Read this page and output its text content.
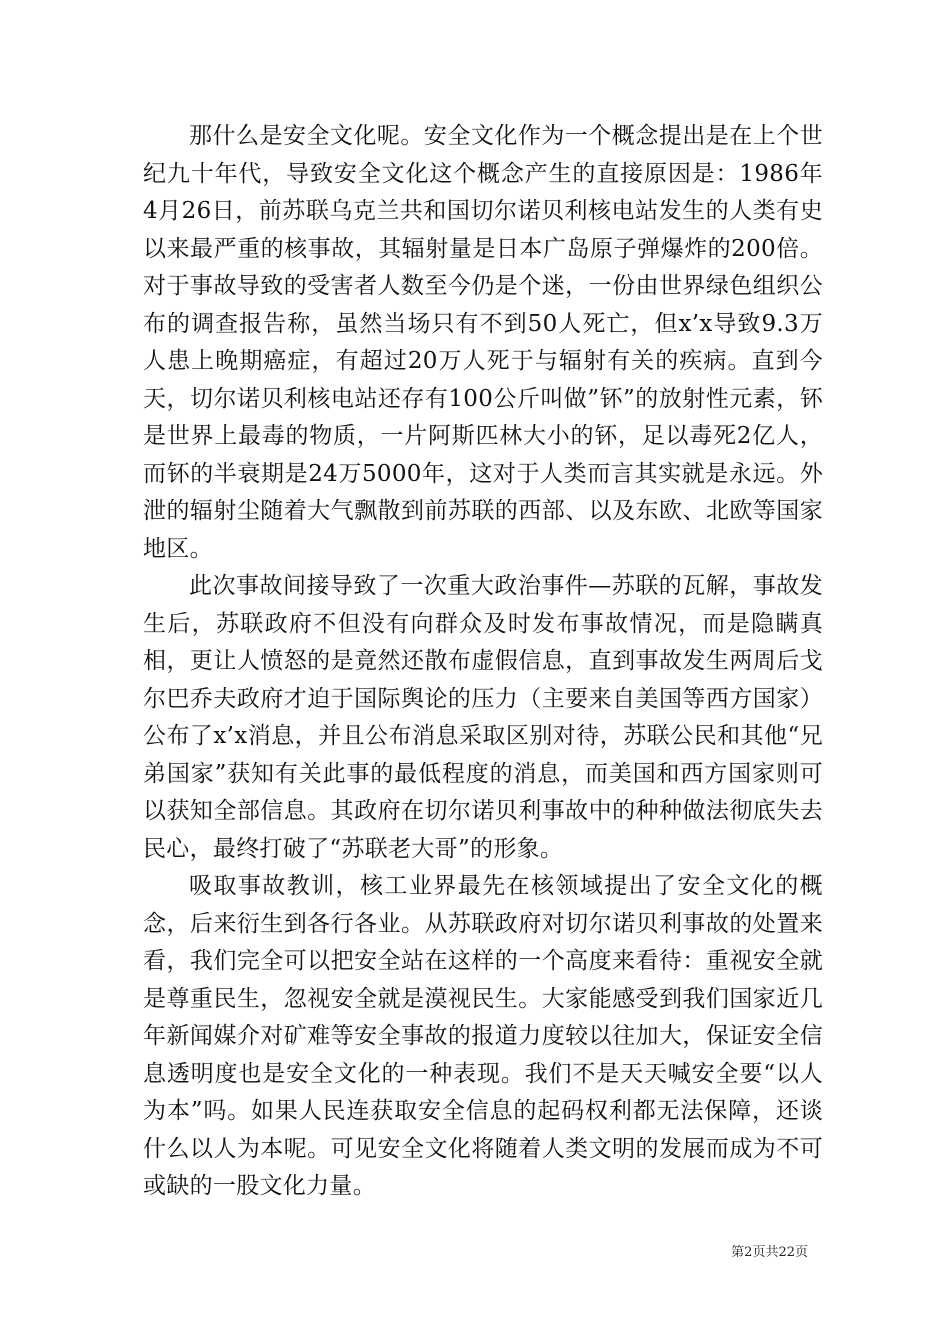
那什么是安全文化呢。安全文化作为一个概念提出是在上个世纪九十年代，导致安全文化这个概念产生的直接原因是：1986年4月26日，前苏联乌克兰共和国切尔诺贝利核电站发生的人类有史以来最严重的核事故，其辐射量是日本广岛原子弹爆炸的200倍。对于事故导致的受害者人数至今仍是个迷，一份由世界绿色组织公布的调查报告称，虽然当场只有不到50人死亡，但x’x导致9.3万人患上晚期癌症，有超过20万人死于与辐射有关的疾病。直到今天，切尔诺贝利核电站还存有100公斤叫做”钚”的放射性元素，钚是世界上最毒的物质，一片阿斯匹林大小的钚，足以毒死2亿人，而钚的半衰期是24万5000年，这对于人类而言其实就是永远。外泄的辐射尘随着大气飘散到前苏联的西部、以及东欧、北欧等国家地区。

此次事故间接导致了一次重大政治事件—苏联的瓦解，事故发生后，苏联政府不但没有向群众及时发布事故情况，而是隐瞒真相，更让人愤怒的是竟然还散布虚假信息，直到事故发生两周后戈尔巴乔夫政府才迫于国际舆论的压力（主要来自美国等西方国家）公布了x’x消息，并且公布消息采取区别对待，苏联公民和其他“兄弟国家”获知有关此事的最低程度的消息，而美国和西方国家则可以获知全部信息。其政府在切尔诺贝利事故中的种种做法彻底失去民心，最终打破了“苏联老大哥”的形象。

吸取事故教训，核工业界最先在核领域提出了安全文化的概念，后来衍生到各行各业。从苏联政府对切尔诺贝利事故的处置来看，我们完全可以把安全站在这样的一个高度来看待：重视安全就是尊重民生，忽视安全就是漠视民生。大家能感受到我们国家近几年新闻媒介对矿难等安全事故的报道力度较以往加大，保证安全信息透明度也是安全文化的一种表现。我们不是天天喊安全要“以人为本”吗。如果人民连获取安全信息的起码权利都无法保障，还谈什么以人为本呢。可见安全文化将随着人类文明的发展而成为不可或缺的一股文化力量。

第2页共22页
